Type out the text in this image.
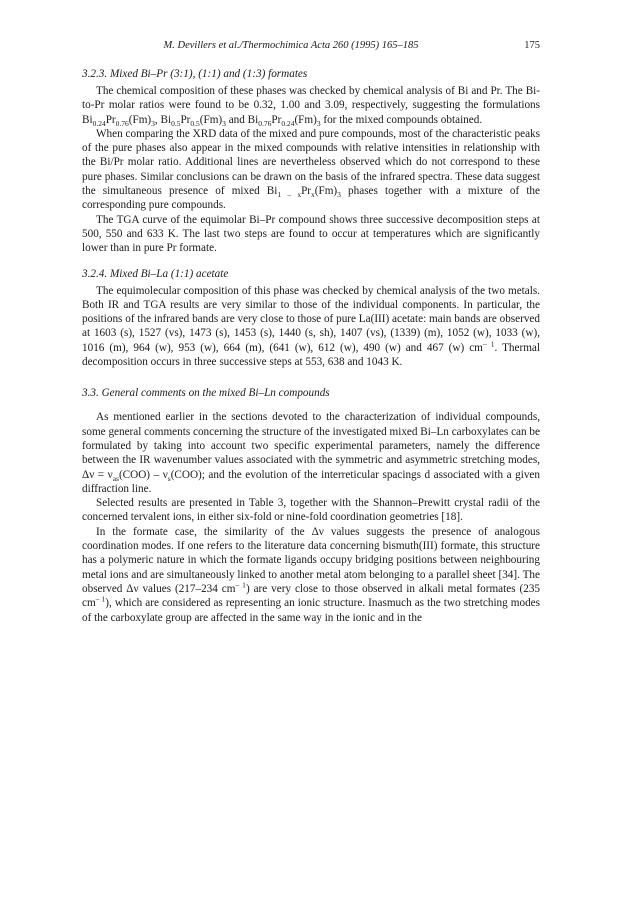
M. Devillers et al./Thermochimica Acta 260 (1995) 165–185	175
3.2.3. Mixed Bi–Pr (3:1), (1:1) and (1:3) formates

The chemical composition of these phases was checked by chemical analysis of Bi and Pr. The Bi-to-Pr molar ratios were found to be 0.32, 1.00 and 3.09, respectively, suggesting the formulations $Bi_{0.24}Pr_{0.76}(Fm)_3$, $Bi_{0.5}Pr_{0.5}(Fm)_3$ and $Bi_{0.76}Pr_{0.24}(Fm)_3$ for the mixed compounds obtained.

When comparing the XRD data of the mixed and pure compounds, most of the characteristic peaks of the pure phases also appear in the mixed compounds with relative intensities in relationship with the Bi/Pr molar ratio. Additional lines are nevertheless observed which do not correspond to these pure phases. Similar conclusions can be drawn on the basis of the infrared spectra. These data suggest the simultaneous presence of mixed $Bi_{1 - x}Pr_x(Fm)_3$ phases together with a mixture of the corresponding pure compounds.

The TGA curve of the equimolar Bi–Pr compound shows three successive decomposition steps at 500, 550 and 633 K. The last two steps are found to occur at temperatures which are significantly lower than in pure Pr formate.

3.2.4. Mixed Bi–La (1:1) acetate

The equimolecular composition of this phase was checked by chemical analysis of the two metals. Both IR and TGA results are very similar to those of the individual components. In particular, the positions of the infrared bands are very close to those of pure La(III) acetate: main bands are observed at 1603 (s), 1527 (vs), 1473 (s), 1453 (s), 1440 (s, sh), 1407 (vs), (1339) (m), 1052 (w), 1033 (w), 1016 (m), 964 (w), 953 (w), 664 (m), (641 (w), 612 (w), 490 (w) and 467 (w) $cm^{- 1}$. Thermal decomposition occurs in three successive steps at 553, 638 and 1043 K.

3.3. General comments on the mixed Bi–Ln compounds

As mentioned earlier in the sections devoted to the characterization of individual compounds, some general comments concerning the structure of the investigated mixed Bi–Ln carboxylates can be formulated by taking into account two specific experimental parameters, namely the difference between the IR wavenumber values associated with the symmetric and asymmetric stretching modes, $\Delta\nu = \nu_{as}(COO) - \nu_s(COO)$; and the evolution of the interreticular spacings d associated with a given diffraction line.

Selected results are presented in Table 3, together with the Shannon–Prewitt crystal radii of the concerned tervalent ions, in either six-fold or nine-fold coordination geometries [18].

In the formate case, the similarity of the Δν values suggests the presence of analogous coordination modes. If one refers to the literature data concerning bismuth(III) formate, this structure has a polymeric nature in which the formate ligands occupy bridging positions between neighbouring metal ions and are simultaneously linked to another metal atom belonging to a parallel sheet [34]. The observed Δν values (217–234 $cm^{- 1}$) are very close to those observed in alkali metal formates (235 $cm^{- 1}$), which are considered as representing an ionic structure. Inasmuch as the two stretching modes of the carboxylate group are affected in the same way in the ionic and in the
